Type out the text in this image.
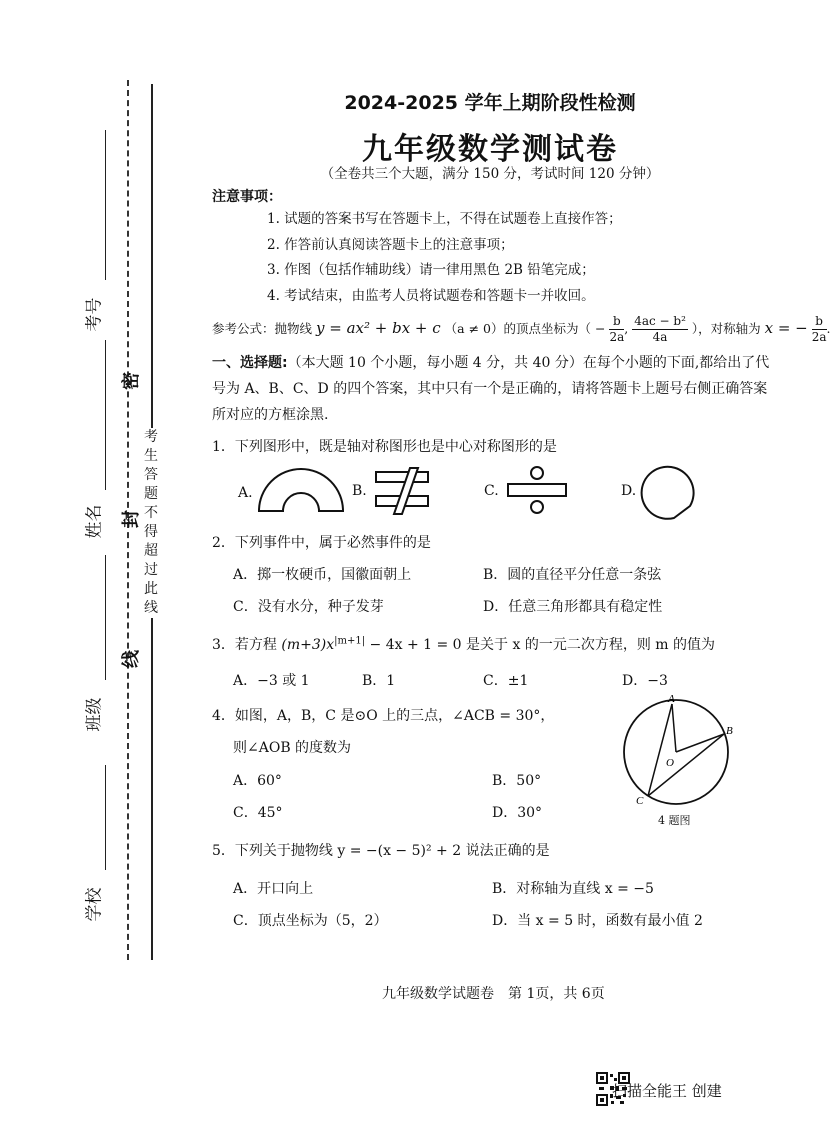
考号
姓名
班级
学校
密
封
线
考生答题不得超过此线
2024-2025 学年上期阶段性检测
九年级数学测试卷
（全卷共三个大题，满分 150 分，考试时间 120 分钟）
注意事项：
1. 试题的答案书写在答题卡上，不得在试题卷上直接作答；
2. 作答前认真阅读答题卡上的注意事项；
3. 作图（包括作辅助线）请一律用黑色 2B 铅笔完成；
4. 考试结束，由监考人员将试题卷和答题卡一并收回。
参考公式：抛物线 y = ax² + bx + c （a ≠ 0）的顶点坐标为（ − $\frac{b}{2a}$ , $\frac{\text{4ac − b²}}{4a}$ ），对称轴为 x = − $\frac{b}{2a}$ .
一、选择题:（本大题 10 个小题，每小题 4 分，共 40 分）在每个小题的下面,都给出了代号为 A、B、C、D 的四个答案，其中只有一个是正确的，请将答题卡上题号右侧正确答案所对应的方框涂黑.
1．下列图形中，既是轴对称图形也是中心对称图形的是
A.	B.	C.	D.
2．下列事件中，属于必然事件的是
A．掷一枚硬币，国徽面朝上	B．圆的直径平分任意一条弦
C．没有水分，种子发芽	D．任意三角形都具有稳定性
3．若方程 $(m+3)x^{|m+1|} - 4x + 1 = 0$ 是关于 x 的一元二次方程，则 m 的值为
A．−3 或 1	B．1	C．±1	D．−3
4．如图，A，B，C 是⊙O 上的三点，∠ACB = 30°，
则∠AOB 的度数为
A．60°	B．50°
C．45°	D．30°
A
B
O
C
4 题图
5．下列关于抛物线 y = −(x − 5)² + 2 说法正确的是
A．开口向上	B．对称轴为直线 x = −5
C．顶点坐标为（5，2）	D．当 x = 5 时，函数有最小值 2
九年级数学试题卷　第 1页，共 6页
扫描全能王 创建
